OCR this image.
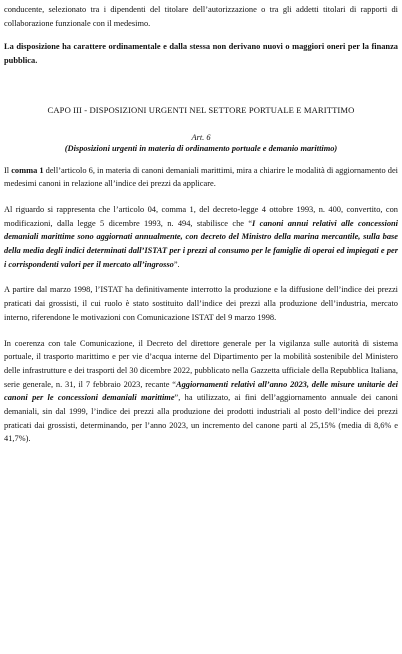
conducente, selezionato tra i dipendenti del titolare dell’autorizzazione o tra gli addetti titolari di rapporti di collaborazione funzionale con il medesimo.

La disposizione ha carattere ordinamentale e dalla stessa non derivano nuovi o maggiori oneri per la finanza pubblica.

CAPO III - DISPOSIZIONI URGENTI NEL SETTORE PORTUALE E MARITTIMO

Art. 6

(Disposizioni urgenti in materia di ordinamento portuale e demanio marittimo)

Il comma 1 dell’articolo 6, in materia di canoni demaniali marittimi, mira a chiarire le modalità di aggiornamento dei medesimi canoni in relazione all’indice dei prezzi da applicare.

Al riguardo si rappresenta che l’articolo 04, comma 1, del decreto-legge 4 ottobre 1993, n. 400, convertito, con modificazioni, dalla legge 5 dicembre 1993, n. 494, stabilisce che “I canoni annui relativi alle concessioni demaniali marittime sono aggiornati annualmente, con decreto del Ministro della marina mercantile, sulla base della media degli indici determinati dall’ISTAT per i prezzi al consumo per le famiglie di operai ed impiegati e per i corrispondenti valori per il mercato all’ingrosso”.

A partire dal marzo 1998, l’ISTAT ha definitivamente interrotto la produzione e la diffusione dell’indice dei prezzi praticati dai grossisti, il cui ruolo è stato sostituito dall’indice dei prezzi alla produzione dell’industria, mercato interno, riferendone le motivazioni con Comunicazione ISTAT del 9 marzo 1998.

In coerenza con tale Comunicazione, il Decreto del direttore generale per la vigilanza sulle autorità di sistema portuale, il trasporto marittimo e per vie d’acqua interne del Dipartimento per la mobilità sostenibile del Ministero delle infrastrutture e dei trasporti del 30 dicembre 2022, pubblicato nella Gazzetta ufficiale della Repubblica Italiana, serie generale, n. 31, il 7 febbraio 2023, recante “Aggiornamenti relativi all’anno 2023, delle misure unitarie dei canoni per le concessioni demaniali marittime”, ha utilizzato, ai fini dell’aggiornamento annuale dei canoni demaniali, sin dal 1999, l’indice dei prezzi alla produzione dei prodotti industriali al posto dell’indice dei prezzi praticati dai grossisti, determinando, per l’anno 2023, un incremento del canone parti al 25,15% (media di 8,6% e 41,7%).
